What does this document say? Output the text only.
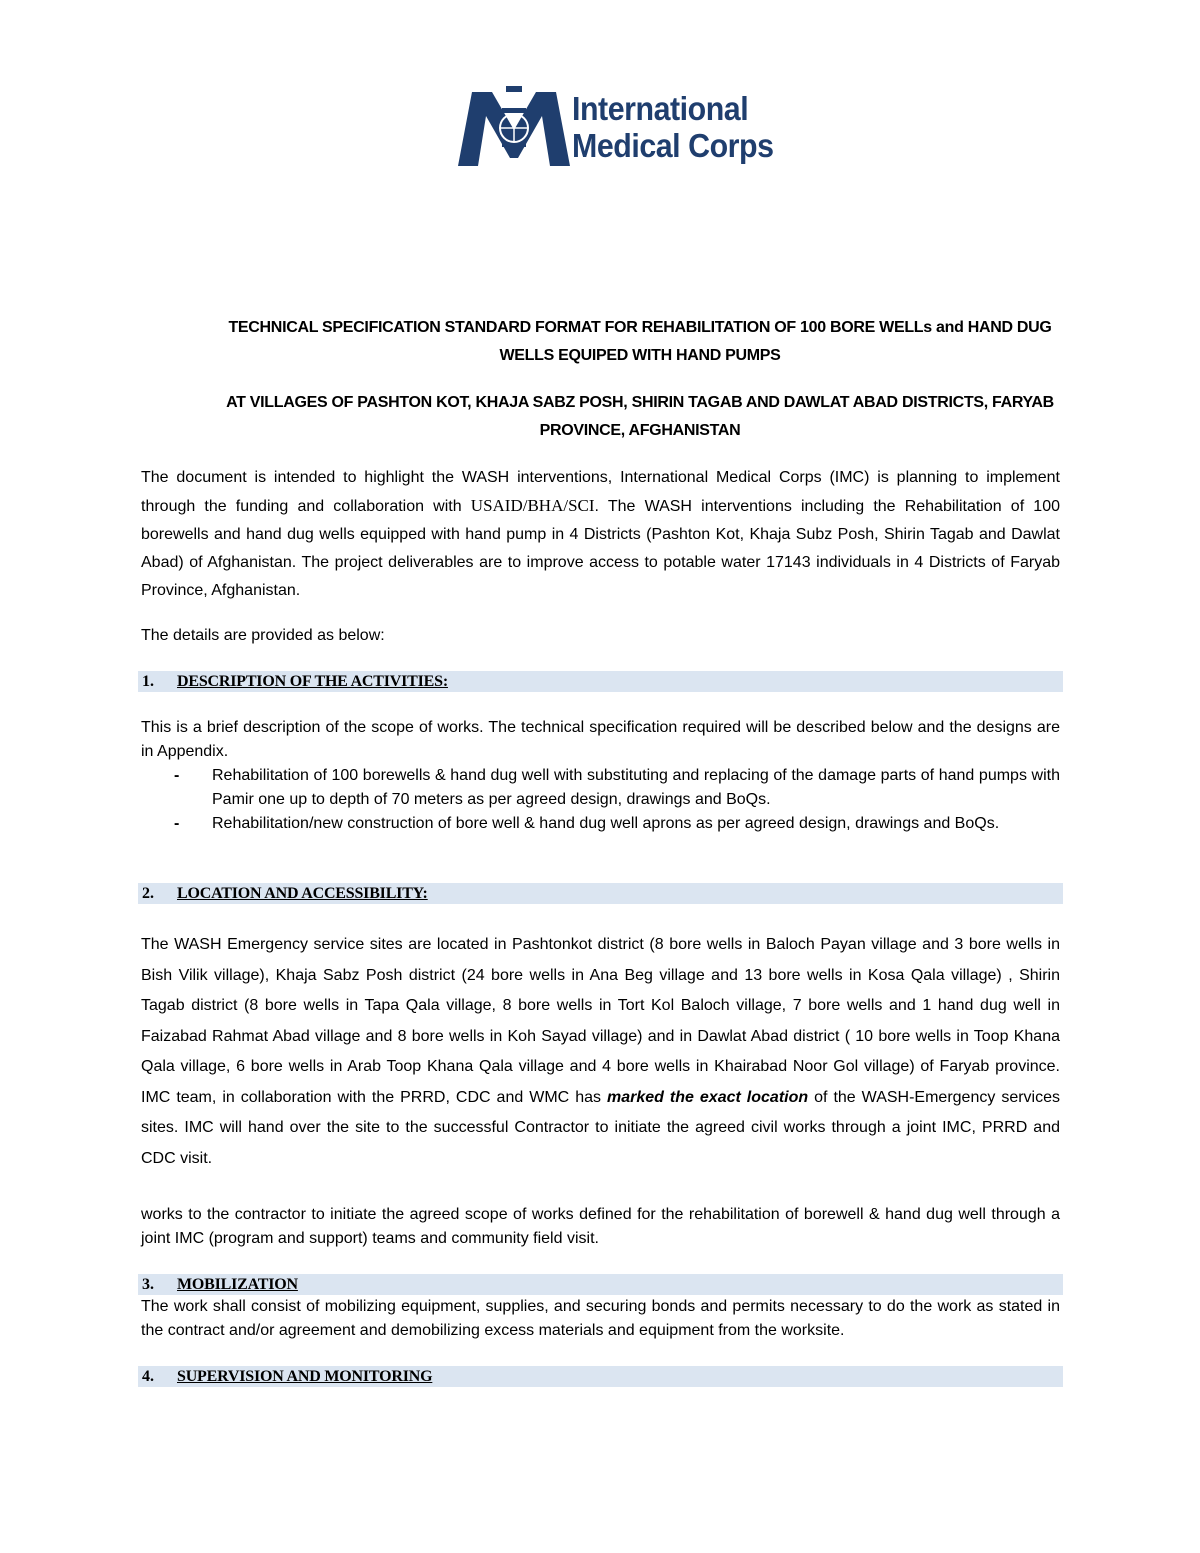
International
Medical Corps
TECHNICAL SPECIFICATION STANDARD FORMAT FOR REHABILITATION OF 100 BORE WELLs and HAND DUG
WELLS EQUIPED WITH HAND PUMPS
AT VILLAGES OF PASHTON KOT, KHAJA SABZ POSH, SHIRIN TAGAB AND DAWLAT ABAD DISTRICTS, FARYAB
PROVINCE, AFGHANISTAN
The document is intended to highlight the WASH interventions, International Medical Corps (IMC) is planning to implement through the funding and collaboration with USAID/BHA/SCI. The WASH interventions including the Rehabilitation of 100 borewells and hand dug wells equipped with hand pump in 4 Districts (Pashton Kot, Khaja Subz Posh, Shirin Tagab and Dawlat Abad) of Afghanistan. The project deliverables are to improve access to potable water 17143 individuals in 4 Districts of Faryab Province, Afghanistan.
The details are provided as below:
1. DESCRIPTION OF THE ACTIVITIES:
This is a brief description of the scope of works. The technical specification required will be described below and the designs are in Appendix.
- Rehabilitation of 100 borewells & hand dug well with substituting and replacing of the damage parts of hand pumps with Pamir one up to depth of 70 meters as per agreed design, drawings and BoQs.
- Rehabilitation/new construction of bore well & hand dug well aprons as per agreed design, drawings and BoQs.
2. LOCATION AND ACCESSIBILITY:
The WASH Emergency service sites are located in Pashtonkot district (8 bore wells in Baloch Payan village and 3 bore wells in Bish Vilik village), Khaja Sabz Posh district (24 bore wells in Ana Beg village and 13 bore wells in Kosa Qala village) , Shirin Tagab district (8 bore wells in Tapa Qala village, 8 bore wells in Tort Kol Baloch village, 7 bore wells and 1 hand dug well in Faizabad Rahmat Abad village and 8 bore wells in Koh Sayad village) and in Dawlat Abad district ( 10 bore wells in Toop Khana Qala village, 6 bore wells in Arab Toop Khana Qala village and 4 bore wells in Khairabad Noor Gol village) of Faryab province. IMC team, in collaboration with the PRRD, CDC and WMC has marked the exact location of the WASH-Emergency services sites. IMC will hand over the site to the successful Contractor to initiate the agreed civil works through a joint IMC, PRRD and CDC visit.
works to the contractor to initiate the agreed scope of works defined for the rehabilitation of borewell & hand dug well through a joint IMC (program and support) teams and community field visit.
3. MOBILIZATION
The work shall consist of mobilizing equipment, supplies, and securing bonds and permits necessary to do the work as stated in the contract and/or agreement and demobilizing excess materials and equipment from the worksite.
4. SUPERVISION AND MONITORING
